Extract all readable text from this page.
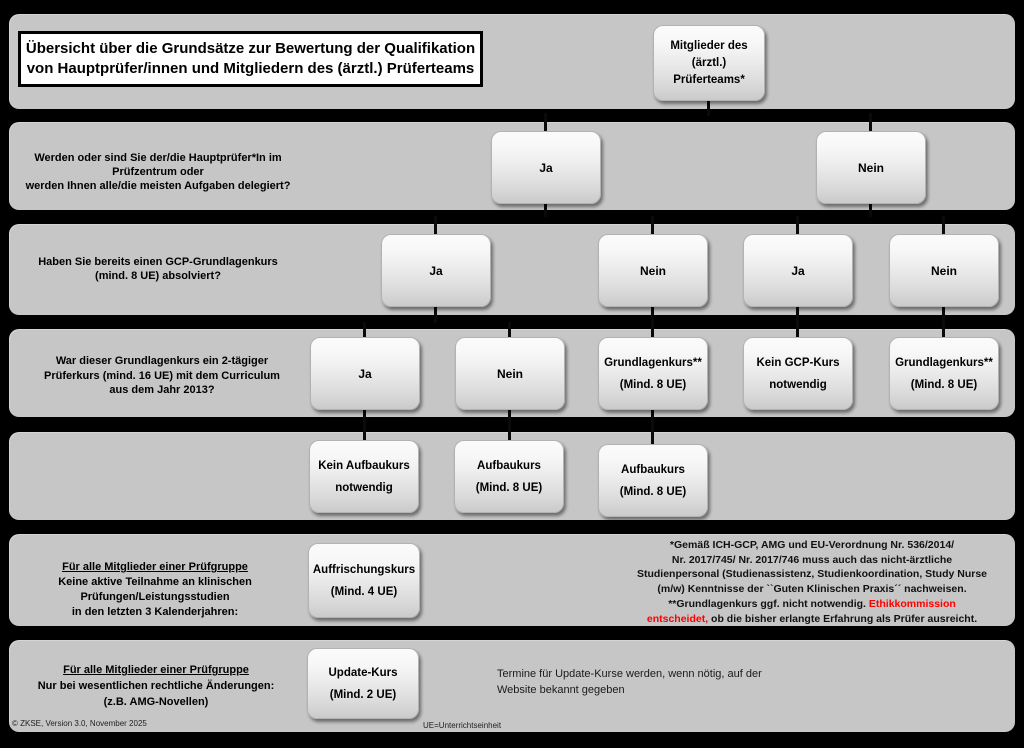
Übersicht über die Grundsätze zur Bewertung der Qualifikation
von Hauptprüfer/innen und Mitgliedern des (ärztl.) Prüferteams
Mitglieder des
(ärztl.)
Prüferteams*
Werden oder sind Sie der/die Hauptprüfer*In im Prüfzentrum oder
werden Ihnen alle/die meisten Aufgaben delegiert?
Ja	Nein
Haben Sie bereits einen GCP-Grundlagenkurs
(mind. 8 UE) absolviert?	Ja	Nein	Ja	Nein
War dieser Grundlagenkurs ein 2-tägiger
Prüferkurs (mind. 16 UE) mit dem Curriculum
aus dem Jahr 2013?
Ja	Nein
Grundlagenkurs**
(Mind. 8 UE)
Kein GCP-Kurs
notwendig
Grundlagenkurs**
(Mind. 8 UE)
Kein Aufbaukurs
notwendig
Aufbaukurs
(Mind. 8 UE)
Aufbaukurs
(Mind. 8 UE)
Für alle Mitglieder einer Prüfgruppe
Keine aktive Teilnahme an klinischen Prüfungen/Leistungsstudien
in den letzten 3 Kalenderjahren:
Auffrischungskurs
(Mind. 4 UE)
*Gemäß ICH-GCP, AMG und EU-Verordnung Nr. 536/2014/
Nr. 2017/745/ Nr. 2017/746 muss auch das nicht-ärztliche
Studienpersonal (Studienassistenz, Studienkoordination, Study Nurse
(m/w) Kenntnisse der ``Guten Klinischen Praxis´´ nachweisen.
**Grundlagenkurs ggf. nicht notwendig. Ethikkommission
entscheidet, ob die bisher erlangte Erfahrung als Prüfer ausreicht.
Für alle Mitglieder einer Prüfgruppe
Nur bei wesentlichen rechtliche Änderungen:
(z.B. AMG-Novellen)
Update-Kurs
(Mind. 2 UE)
Termine für Update-Kurse werden, wenn nötig, auf der
Website bekannt gegeben
© ZKSE, Version 3.0, November 2025	UE=Unterrichtseinheit
